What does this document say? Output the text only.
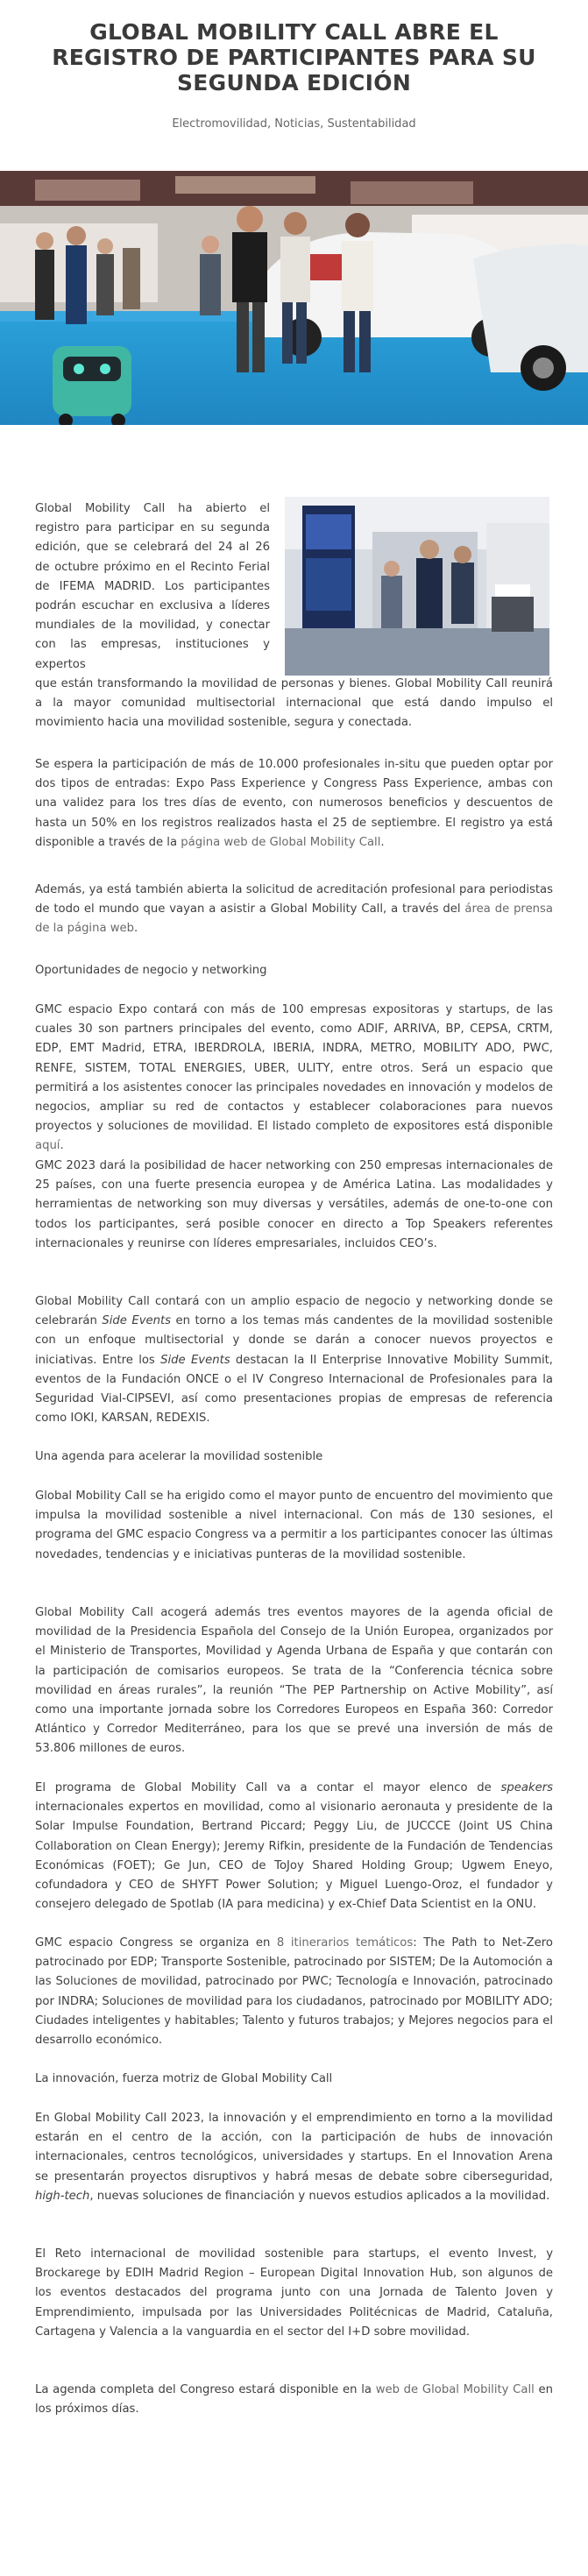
GLOBAL MOBILITY CALL ABRE EL REGISTRO DE PARTICIPANTES PARA SU SEGUNDA EDICIÓN
Electromovilidad, Noticias, Sustentabilidad
Global Mobility Call ha abierto el registro para participar en su segunda edición, que se celebrará del 24 al 26 de octubre próximo en el Recinto Ferial de IFEMA MADRID. Los participantes podrán escuchar en exclusiva a líderes mundiales de la movilidad, y conectar con las empresas, instituciones y expertos
que están transformando la movilidad de personas y bienes. Global Mobility Call reunirá a la mayor comunidad multisectorial internacional que está dando impulso el movimiento hacia una movilidad sostenible, segura y conectada.
Se espera la participación de más de 10.000 profesionales in-situ que pueden optar por dos tipos de entradas: Expo Pass Experience y Congress Pass Experience, ambas con una validez para los tres días de evento, con numerosos beneficios y descuentos de hasta un 50% en los registros realizados hasta el 25 de septiembre. El registro ya está disponible a través de la página web de Global Mobility Call.
Además, ya está también abierta la solicitud de acreditación profesional para periodistas de todo el mundo que vayan a asistir a Global Mobility Call, a través del área de prensa de la página web.
Oportunidades de negocio y networking
GMC espacio Expo contará con más de 100 empresas expositoras y startups, de las cuales 30 son partners principales del evento, como ADIF, ARRIVA, BP, CEPSA, CRTM, EDP, EMT Madrid, ETRA, IBERDROLA, IBERIA, INDRA, METRO, MOBILITY ADO, PWC, RENFE, SISTEM, TOTAL ENERGIES, UBER, ULITY, entre otros. Será un espacio que permitirá a los asistentes conocer las principales novedades en innovación y modelos de negocios, ampliar su red de contactos y establecer colaboraciones para nuevos proyectos y soluciones de movilidad. El listado completo de expositores está disponible aquí.
GMC 2023 dará la posibilidad de hacer networking con 250 empresas internacionales de 25 países, con una fuerte presencia europea y de América Latina. Las modalidades y herramientas de networking son muy diversas y versátiles, además de one-to-one con todos los participantes, será posible conocer en directo a Top Speakers referentes internacionales y reunirse con líderes empresariales, incluidos CEO’s.
Global Mobility Call contará con un amplio espacio de negocio y networking donde se celebrarán Side Events en torno a los temas más candentes de la movilidad sostenible con un enfoque multisectorial y donde se darán a conocer nuevos proyectos e iniciativas. Entre los Side Events destacan la II Enterprise Innovative Mobility Summit, eventos de la Fundación ONCE o el IV Congreso Internacional de Profesionales para la Seguridad Vial-CIPSEVI, así como presentaciones propias de empresas de referencia como IOKI, KARSAN, REDEXIS.
Una agenda para acelerar la movilidad sostenible
Global Mobility Call se ha erigido como el mayor punto de encuentro del movimiento que impulsa la movilidad sostenible a nivel internacional. Con más de 130 sesiones, el programa del GMC espacio Congress va a permitir a los participantes conocer las últimas novedades, tendencias y e iniciativas punteras de la movilidad sostenible.
Global Mobility Call acogerá además tres eventos mayores de la agenda oficial de movilidad de la Presidencia Española del Consejo de la Unión Europea, organizados por el Ministerio de Transportes, Movilidad y Agenda Urbana de España y que contarán con la participación de comisarios europeos. Se trata de la “Conferencia técnica sobre movilidad en áreas rurales”, la reunión “The PEP Partnership on Active Mobility”, así como una importante jornada sobre los Corredores Europeos en España 360: Corredor Atlántico y Corredor Mediterráneo, para los que se prevé una inversión de más de 53.806 millones de euros.
El programa de Global Mobility Call va a contar el mayor elenco de speakers internacionales expertos en movilidad, como al visionario aeronauta y presidente de la Solar Impulse Foundation, Bertrand Piccard; Peggy Liu, de JUCCCE (Joint US China Collaboration on Clean Energy); Jeremy Rifkin, presidente de la Fundación de Tendencias Económicas (FOET); Ge Jun, CEO de ToJoy Shared Holding Group; Ugwem Eneyo, cofundadora y CEO de SHYFT Power Solution; y Miguel Luengo-Oroz, el fundador y consejero delegado de Spotlab (IA para medicina) y ex-Chief Data Scientist en la ONU.
GMC espacio Congress se organiza en 8 itinerarios temáticos: The Path to Net-Zero patrocinado por EDP; Transporte Sostenible, patrocinado por SISTEM; De la Automoción a las Soluciones de movilidad, patrocinado por PWC; Tecnología e Innovación, patrocinado por INDRA; Soluciones de movilidad para los ciudadanos, patrocinado por MOBILITY ADO; Ciudades inteligentes y habitables; Talento y futuros trabajos; y Mejores negocios para el desarrollo económico.
La innovación, fuerza motriz de Global Mobility Call
En Global Mobility Call 2023, la innovación y el emprendimiento en torno a la movilidad estarán en el centro de la acción, con la participación de hubs de innovación internacionales, centros tecnológicos, universidades y startups. En el Innovation Arena se presentarán proyectos disruptivos y habrá mesas de debate sobre ciberseguridad, high-tech, nuevas soluciones de financiación y nuevos estudios aplicados a la movilidad.
El Reto internacional de movilidad sostenible para startups, el evento Invest, y Brockarege by EDIH Madrid Region – European Digital Innovation Hub, son algunos de los eventos destacados del programa junto con una Jornada de Talento Joven y Emprendimiento, impulsada por las Universidades Politécnicas de Madrid, Cataluña, Cartagena y Valencia a la vanguardia en el sector del I+D sobre movilidad.
La agenda completa del Congreso estará disponible en la web de Global Mobility Call en los próximos días.
